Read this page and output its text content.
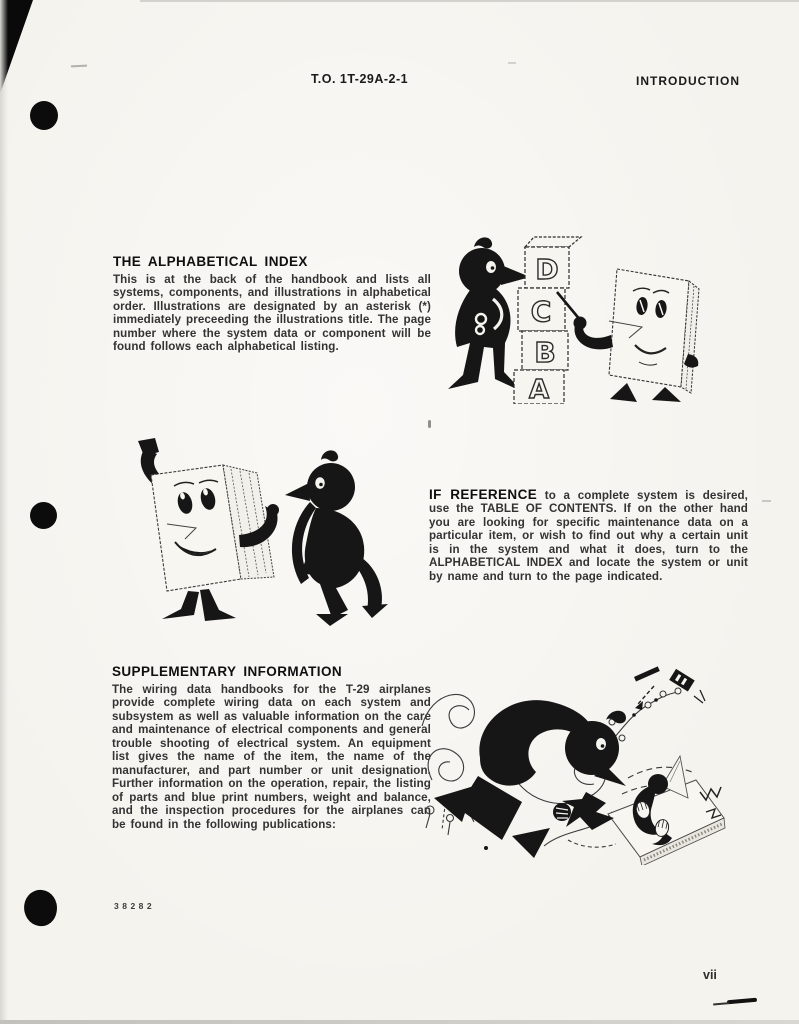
T.O. 1T-29A-2-1	INTRODUCTION
THE ALPHABETICAL INDEX

This is at the back of the handbook and lists all systems, components, and illustrations in alphabetical order. Illustrations are designated by an asterisk (*) immediately preceeding the illustrations title. The page number where the system data or component will be found follows each alphabetical listing.

D
C
B
A

IF REFERENCE to a complete system is desired, use the TABLE OF CONTENTS. If on the other hand you are looking for specific maintenance data on a particular item, or wish to find out why a certain unit is in the system and what it does, turn to the ALPHABETICAL INDEX and locate the system or unit by name and turn to the page indicated.

SUPPLEMENTARY INFORMATION

The wiring data handbooks for the T-29 airplanes provide complete wiring data on each system and subsystem as well as valuable information on the care and maintenance of electrical components and general trouble shooting of electrical system. An equipment list gives the name of the item, the name of the manufacturer, and part number or unit designation. Further information on the operation, repair, the listing of parts and blue print numbers, weight and balance, and the inspection procedures for the airplanes can be found in the following publications:

38282
vii
